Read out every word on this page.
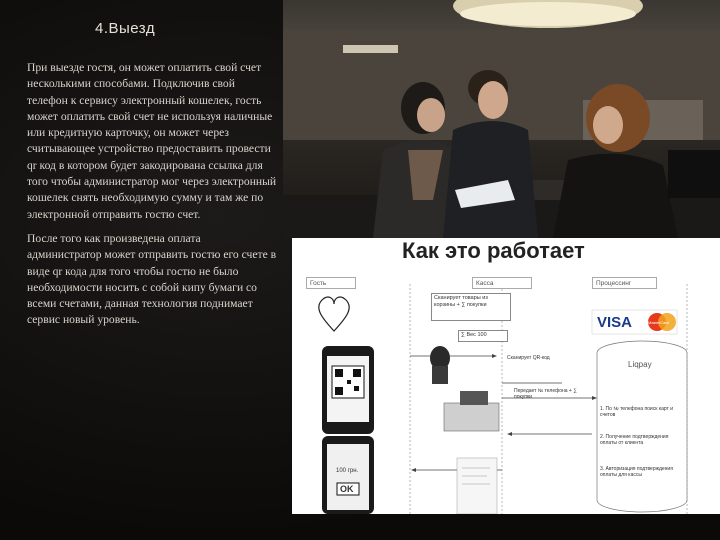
4.Выезд

При выезде гостя, он может оплатить свой счет несколькими способами. Подключив свой телефон к сервису электронный кошелек, гость может оплатить свой счет не используя наличные или кредитную карточку, он может через считывающее устройство предоставить провести qr код в котором будет закодирована ссылка для того чтобы администратор мог через электронный кошелек снять необходимую сумму и там же по электронной отправить гостю счет.

После того как произведена оплата администратор может отправить гостю его счете в виде qr кода для того чтобы гостю не было необходимости носить с собой кипу бумаги со всеми счетами, данная технология поднимает сервис новый уровень.

Как это работает
Гость	Касса	Процессинг
Сканирует товары из корзины + ∑ покупки
∑ Вес 100
Сканирует QR-код
Передает № телефона + ∑ покупки
VISA	MasterCard
Liqpay
1. По № телефона поиск карт и счетов
2. Получение подтверждения оплаты от клиента
3. Авторизация подтверждения оплаты для кассы
100 грн.
OK
